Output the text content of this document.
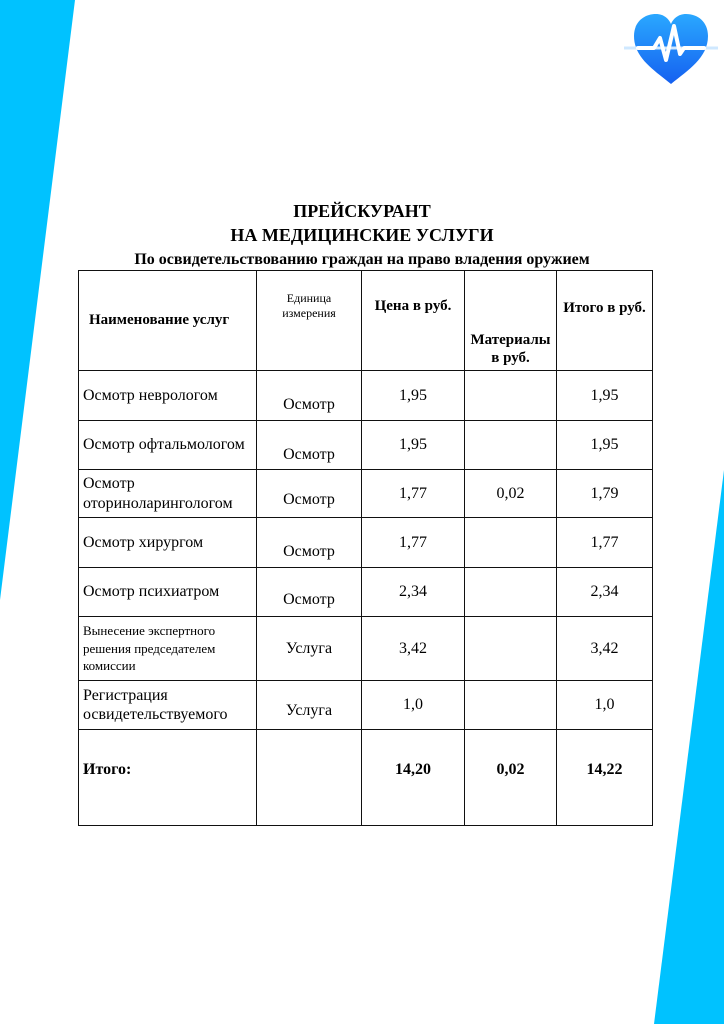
ПРЕЙСКУРАНТ
НА МЕДИЦИНСКИЕ УСЛУГИ
По освидетельствованию граждан на право владения оружием
Наименование услуг	Единица измерения	Цена в руб.	Материалы в руб.	Итого в руб.
Осмотр неврологом	Осмотр	1,95		1,95
Осмотр офтальмологом	Осмотр	1,95		1,95
Осмотр оториноларингологом	Осмотр	1,77	0,02	1,79
Осмотр хирургом	Осмотр	1,77		1,77
Осмотр психиатром	Осмотр	2,34		2,34
Вынесение экспертного решения председателем комиссии	Услуга	3,42		3,42
Регистрация освидетельствуемого	Услуга	1,0		1,0
Итого:		14,20	0,02	14,22
